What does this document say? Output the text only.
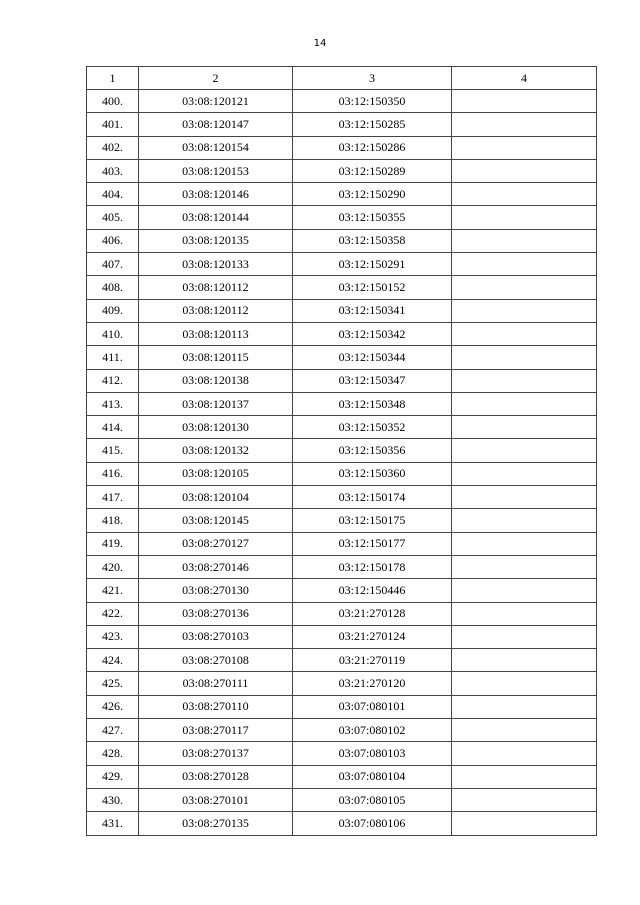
14
1	2	3	4
400.	03:08:120121	03:12:150350	
401.	03:08:120147	03:12:150285	
402.	03:08:120154	03:12:150286	
403.	03:08:120153	03:12:150289	
404.	03:08:120146	03:12:150290	
405.	03:08:120144	03:12:150355	
406.	03:08:120135	03:12:150358	
407.	03:08:120133	03:12:150291	
408.	03:08:120112	03:12:150152	
409.	03:08:120112	03:12:150341	
410.	03:08:120113	03:12:150342	
411.	03:08:120115	03:12:150344	
412.	03:08:120138	03:12:150347	
413.	03:08:120137	03:12:150348	
414.	03:08:120130	03:12:150352	
415.	03:08:120132	03:12:150356	
416.	03:08:120105	03:12:150360	
417.	03:08:120104	03:12:150174	
418.	03:08:120145	03:12:150175	
419.	03:08:270127	03:12:150177	
420.	03:08:270146	03:12:150178	
421.	03:08:270130	03:12:150446	
422.	03:08:270136	03:21:270128	
423.	03:08:270103	03:21:270124	
424.	03:08:270108	03:21:270119	
425.	03:08:270111	03:21:270120	
426.	03:08:270110	03:07:080101	
427.	03:08:270117	03:07:080102	
428.	03:08:270137	03:07:080103	
429.	03:08:270128	03:07:080104	
430.	03:08:270101	03:07:080105	
431.	03:08:270135	03:07:080106	
